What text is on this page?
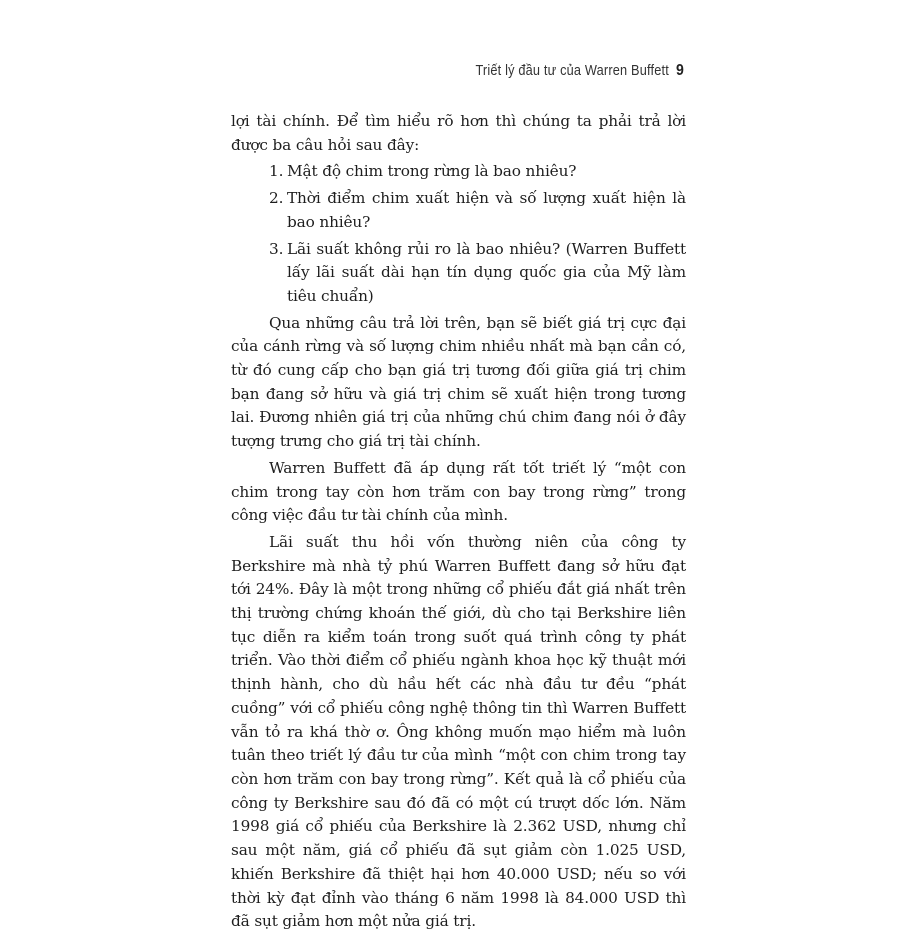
Triết lý đầu tư của Warren Buffett 9

lợi tài chính. Để tìm hiểu rõ hơn thì chúng ta phải trả lời được ba câu hỏi sau đây:

1. Mật độ chim trong rừng là bao nhiêu?
2. Thời điểm chim xuất hiện và số lượng xuất hiện là bao nhiêu?
3. Lãi suất không rủi ro là bao nhiêu? (Warren Buffett lấy lãi suất dài hạn tín dụng quốc gia của Mỹ làm tiêu chuẩn)

Qua những câu trả lời trên, bạn sẽ biết giá trị cực đại của cánh rừng và số lượng chim nhiều nhất mà bạn cần có, từ đó cung cấp cho bạn giá trị tương đối giữa giá trị chim bạn đang sở hữu và giá trị chim sẽ xuất hiện trong tương lai. Đương nhiên giá trị của những chú chim đang nói ở đây tượng trưng cho giá trị tài chính.

Warren Buffett đã áp dụng rất tốt triết lý “một con chim trong tay còn hơn trăm con bay trong rừng” trong công việc đầu tư tài chính của mình.

Lãi suất thu hồi vốn thường niên của công ty Berkshire mà nhà tỷ phú Warren Buffett đang sở hữu đạt tới 24%. Đây là một trong những cổ phiếu đắt giá nhất trên thị trường chứng khoán thế giới, dù cho tại Berkshire liên tục diễn ra kiểm toán trong suốt quá trình công ty phát triển. Vào thời điểm cổ phiếu ngành khoa học kỹ thuật mới thịnh hành, cho dù hầu hết các nhà đầu tư đều “phát cuồng” với cổ phiếu công nghệ thông tin thì Warren Buffett vẫn tỏ ra khá thờ ơ. Ông không muốn mạo hiểm mà luôn tuân theo triết lý đầu tư của mình “một con chim trong tay còn hơn trăm con bay trong rừng”. Kết quả là cổ phiếu của công ty Berkshire sau đó đã có một cú trượt dốc lớn. Năm 1998 giá cổ phiếu của Berkshire là 2.362 USD, nhưng chỉ sau một năm, giá cổ phiếu đã sụt giảm còn 1.025 USD, khiến Berkshire đã thiệt hại hơn 40.000 USD; nếu so với thời kỳ đạt đỉnh vào tháng 6 năm 1998 là 84.000 USD thì đã sụt giảm hơn một nửa giá trị.
